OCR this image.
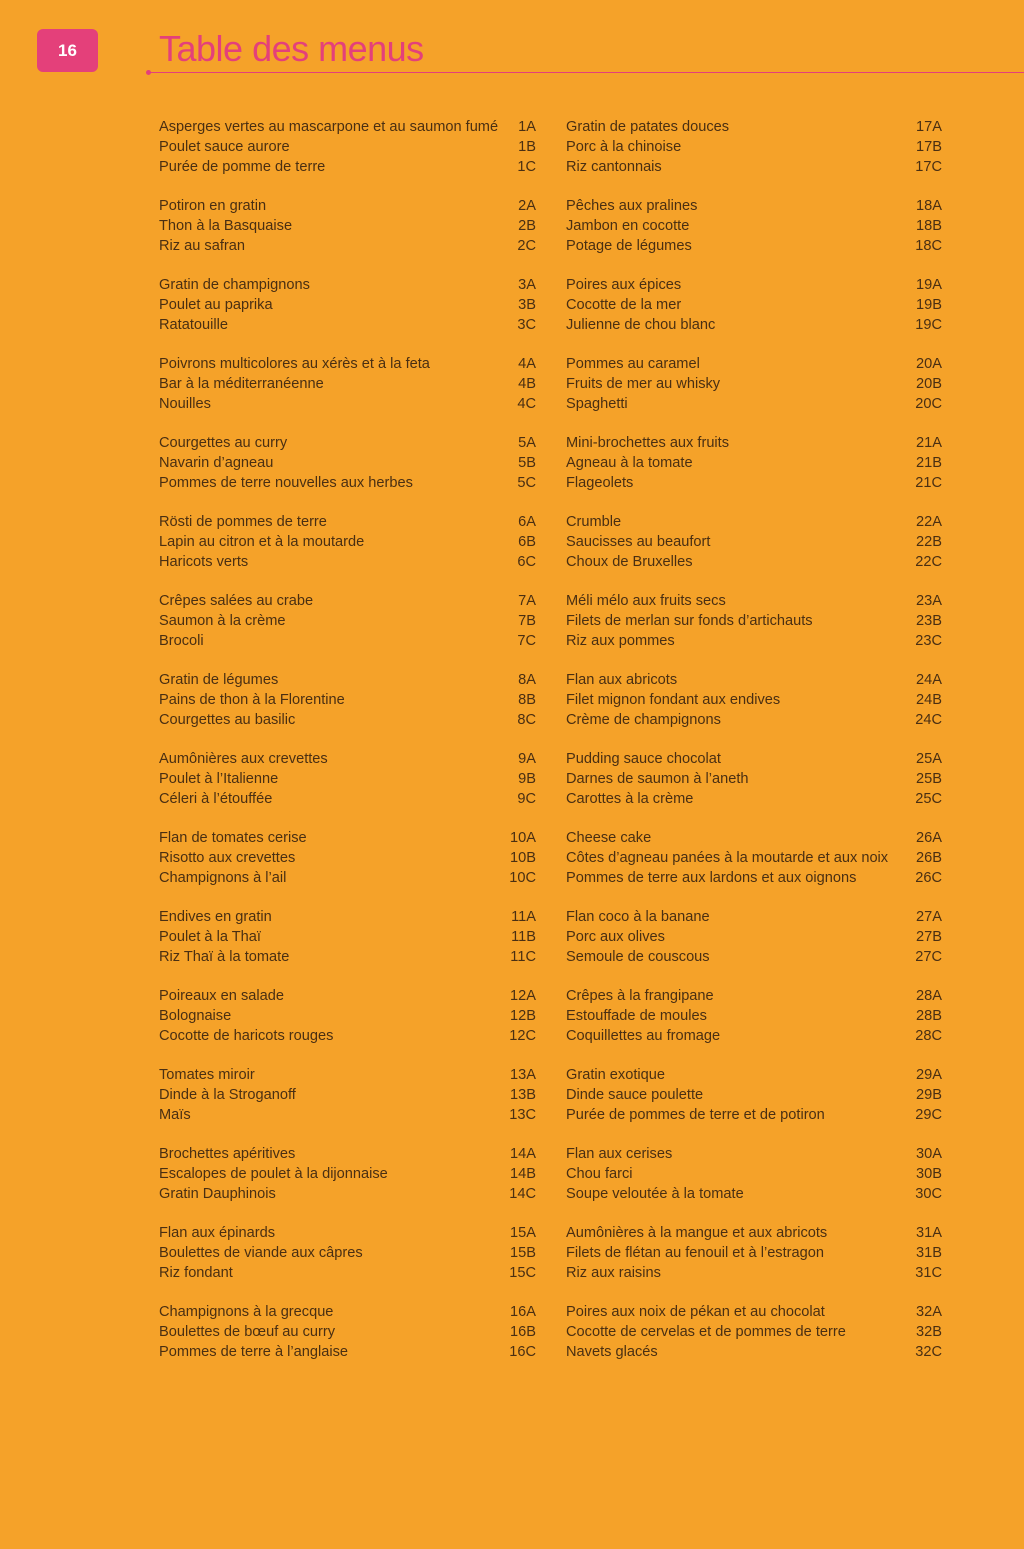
16	Table des menus
Asperges vertes au mascarpone et au saumon fumé 1A
Poulet sauce aurore	1B
Purée de pomme de terre	1C
Potiron en gratin	2A
Thon à la Basquaise	2B
Riz au safran	2C
Gratin de champignons	3A
Poulet au paprika	3B
Ratatouille	3C
Poivrons multicolores au xérès et à la feta	4A
Bar à la méditerranéenne	4B
Nouilles	4C
Courgettes au curry	5A
Navarin d’agneau	5B
Pommes de terre nouvelles aux herbes	5C
Rösti de pommes de terre	6A
Lapin au citron et à la moutarde	6B
Haricots verts	6C
Crêpes salées au crabe	7A
Saumon à la crème	7B
Brocoli	7C
Gratin de légumes	8A
Pains de thon à la Florentine	8B
Courgettes au basilic	8C
Aumônières aux crevettes	9A
Poulet à l’Italienne	9B
Céleri à l’étouffée	9C
Flan de tomates cerise	10A
Risotto aux crevettes	10B
Champignons à l’ail	10C
Endives en gratin	11A
Poulet à la Thaï	11B
Riz Thaï à la tomate	11C
Poireaux en salade	12A
Bolognaise	12B
Cocotte de haricots rouges	12C
Tomates miroir	13A
Dinde à la Stroganoff	13B
Maïs	13C
Brochettes apéritives	14A
Escalopes de poulet à la dijonnaise	14B
Gratin Dauphinois	14C
Flan aux épinards	15A
Boulettes de viande aux câpres	15B
Riz fondant	15C
Champignons à la grecque	16A
Boulettes de bœuf au curry	16B
Pommes de terre à l’anglaise	16C
Gratin de patates douces	17A
Porc à la chinoise	17B
Riz cantonnais	17C
Pêches aux pralines	18A
Jambon en cocotte	18B
Potage de légumes	18C
Poires aux épices	19A
Cocotte de la mer	19B
Julienne de chou blanc	19C
Pommes au caramel	20A
Fruits de mer au whisky	20B
Spaghetti	20C
Mini-brochettes aux fruits	21A
Agneau à la tomate	21B
Flageolets	21C
Crumble	22A
Saucisses au beaufort	22B
Choux de Bruxelles	22C
Méli mélo aux fruits secs	23A
Filets de merlan sur fonds d’artichauts	23B
Riz aux pommes	23C
Flan aux abricots	24A
Filet mignon fondant aux endives	24B
Crème de champignons	24C
Pudding sauce chocolat	25A
Darnes de saumon à l’aneth	25B
Carottes à la crème	25C
Cheese cake	26A
Côtes d’agneau panées à la moutarde et aux noix 26B
Pommes de terre aux lardons et aux oignons	26C
Flan coco à la banane	27A
Porc aux olives	27B
Semoule de couscous	27C
Crêpes à la frangipane	28A
Estouffade de moules	28B
Coquillettes au fromage	28C
Gratin exotique	29A
Dinde sauce poulette	29B
Purée de pommes de terre et de potiron	29C
Flan aux cerises	30A
Chou farci	30B
Soupe veloutée à la tomate	30C
Aumônières à la mangue et aux abricots	31A
Filets de flétan au fenouil et à l’estragon	31B
Riz aux raisins	31C
Poires aux noix de pékan et au chocolat	32A
Cocotte de cervelas et de pommes de terre	32B
Navets glacés	32C
